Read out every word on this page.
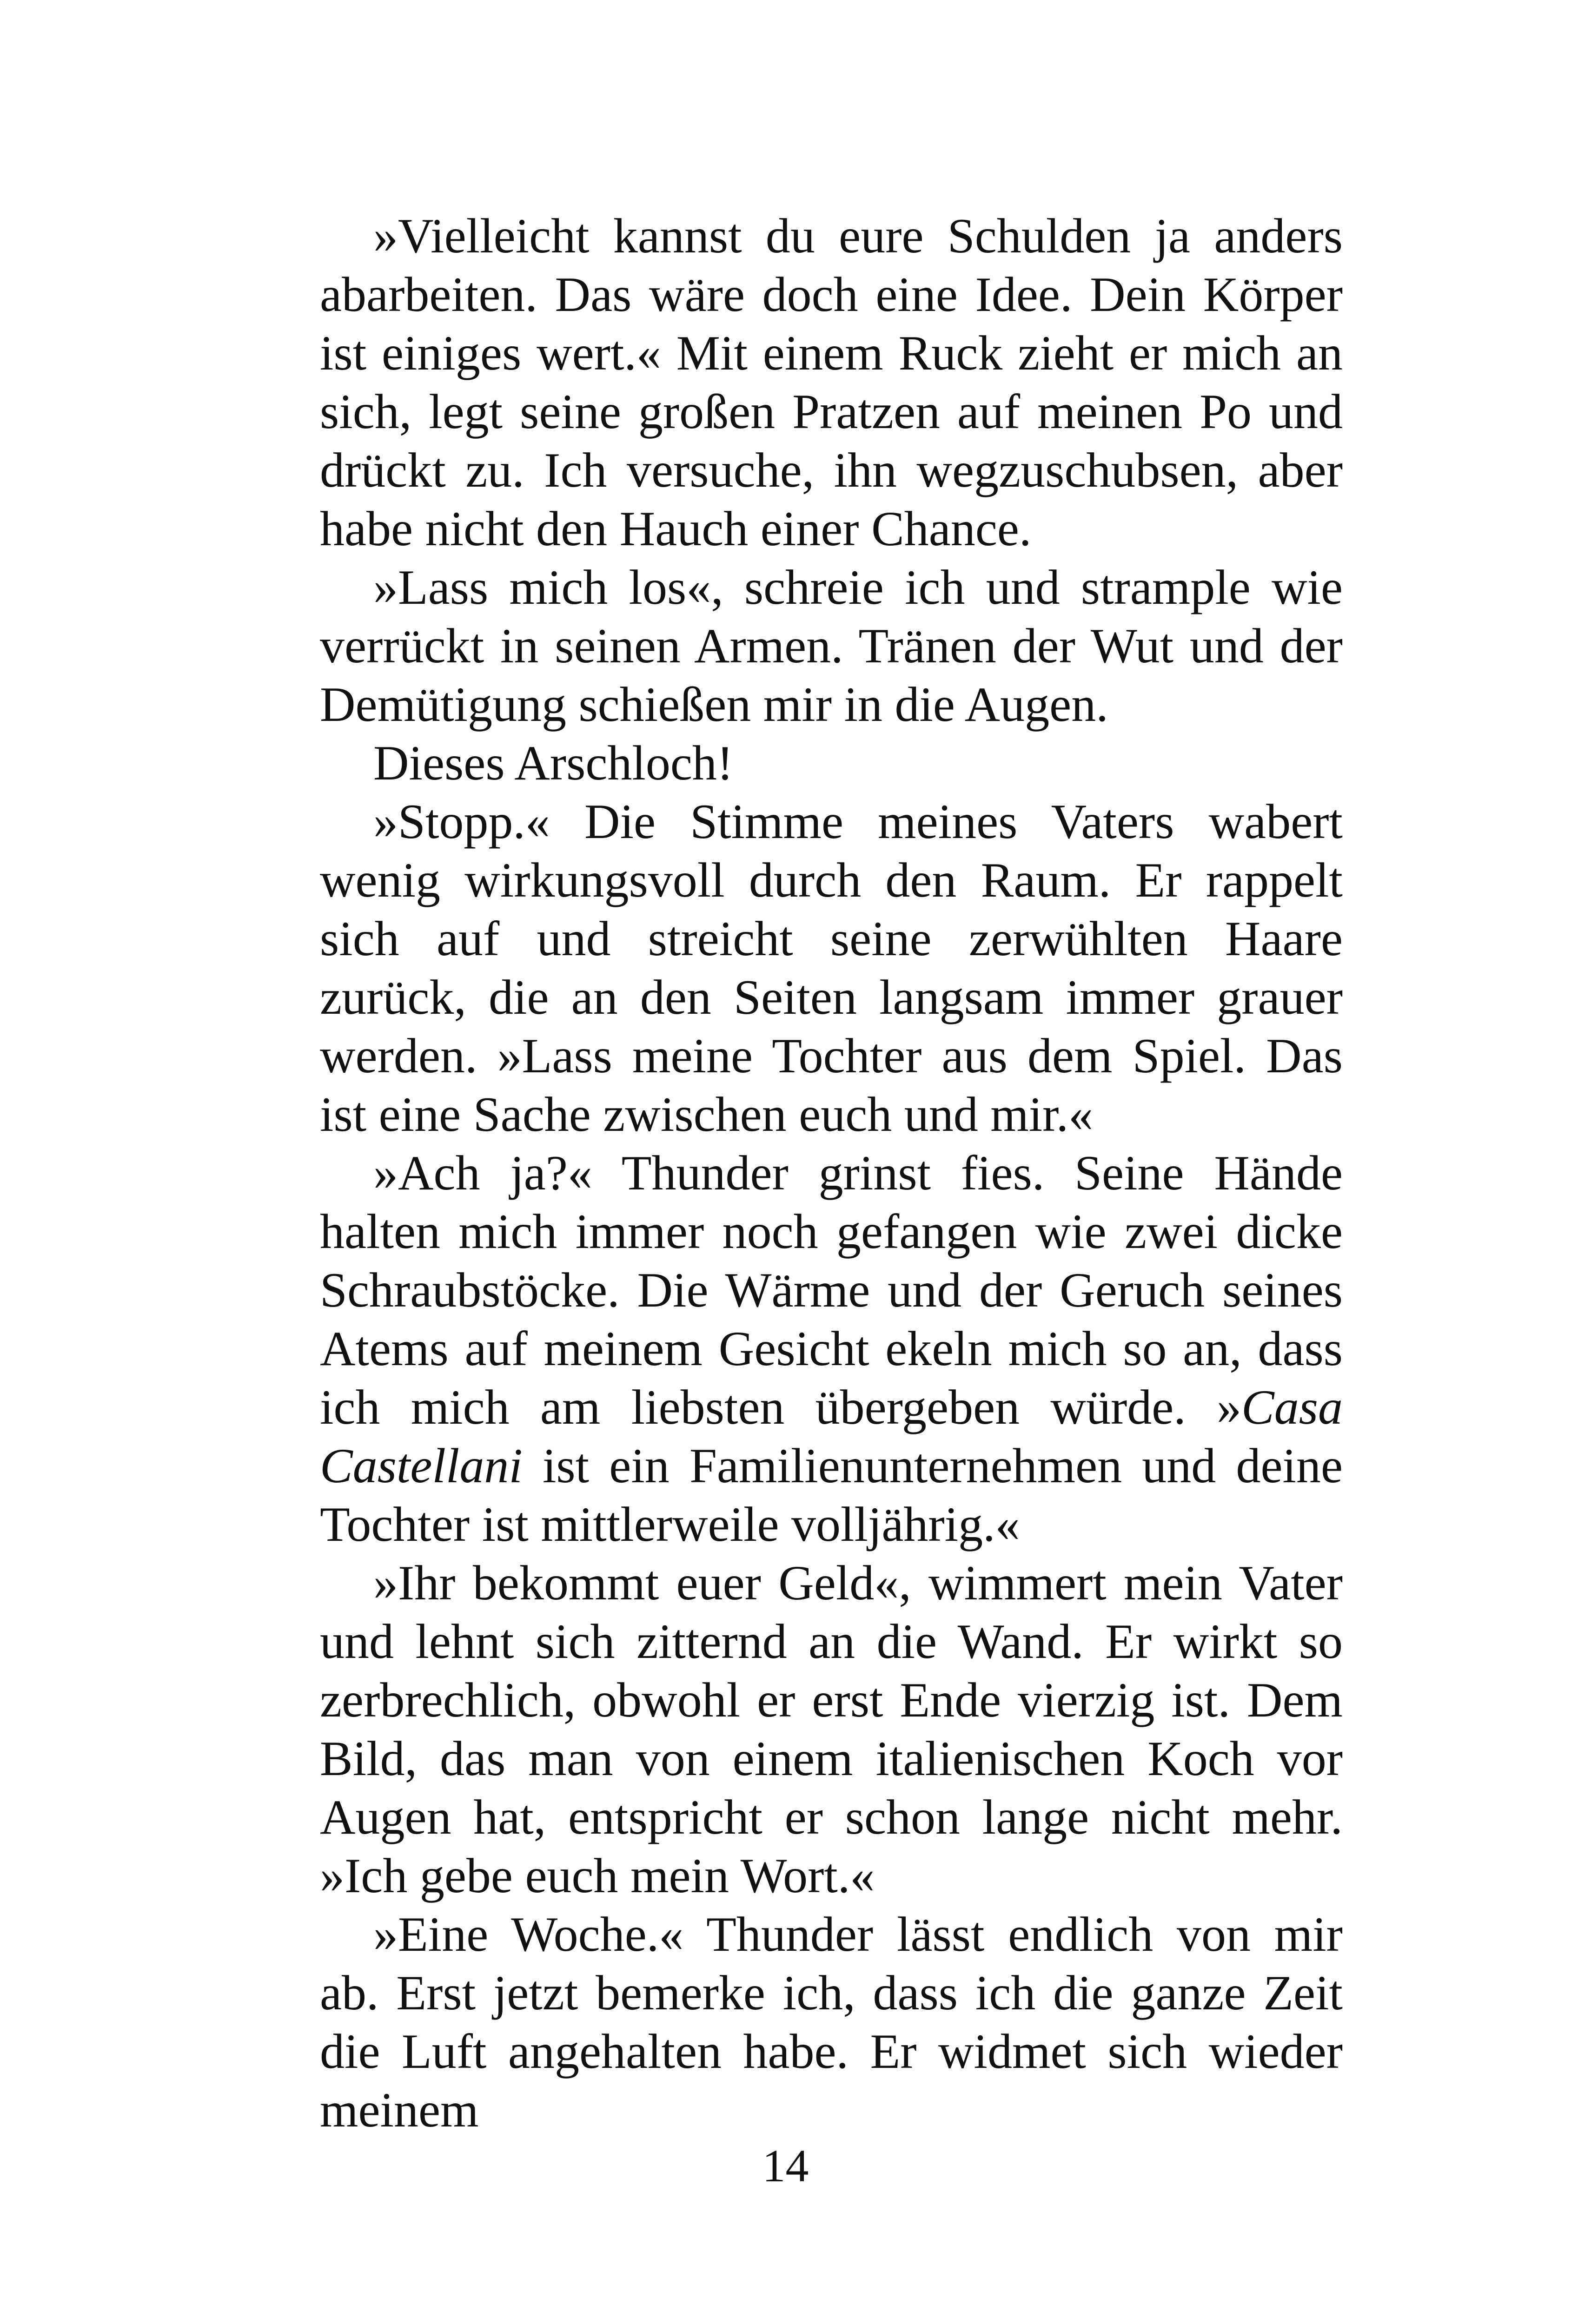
»Vielleicht kannst du eure Schulden ja anders abarbeiten. Das wäre doch eine Idee. Dein Körper ist einiges wert.« Mit einem Ruck zieht er mich an sich, legt seine großen Pratzen auf meinen Po und drückt zu. Ich versuche, ihn wegzuschubsen, aber habe nicht den Hauch einer Chance.

»Lass mich los«, schreie ich und strample wie verrückt in seinen Armen. Tränen der Wut und der Demütigung schießen mir in die Augen.

Dieses Arschloch!

»Stopp.« Die Stimme meines Vaters wabert wenig wirkungsvoll durch den Raum. Er rappelt sich auf und streicht seine zerwühlten Haare zurück, die an den Seiten langsam immer grauer werden. »Lass meine Tochter aus dem Spiel. Das ist eine Sache zwischen euch und mir.«

»Ach ja?« Thunder grinst fies. Seine Hände halten mich immer noch gefangen wie zwei dicke Schraubstöcke. Die Wärme und der Geruch seines Atems auf meinem Gesicht ekeln mich so an, dass ich mich am liebsten übergeben würde. »Casa Castellani ist ein Familienunternehmen und deine Tochter ist mittlerweile volljährig.«

»Ihr bekommt euer Geld«, wimmert mein Vater und lehnt sich zitternd an die Wand. Er wirkt so zerbrechlich, obwohl er erst Ende vierzig ist. Dem Bild, das man von einem italienischen Koch vor Augen hat, entspricht er schon lange nicht mehr. »Ich gebe euch mein Wort.«

»Eine Woche.« Thunder lässt endlich von mir ab. Erst jetzt bemerke ich, dass ich die ganze Zeit die Luft angehalten habe. Er widmet sich wieder meinem

14
